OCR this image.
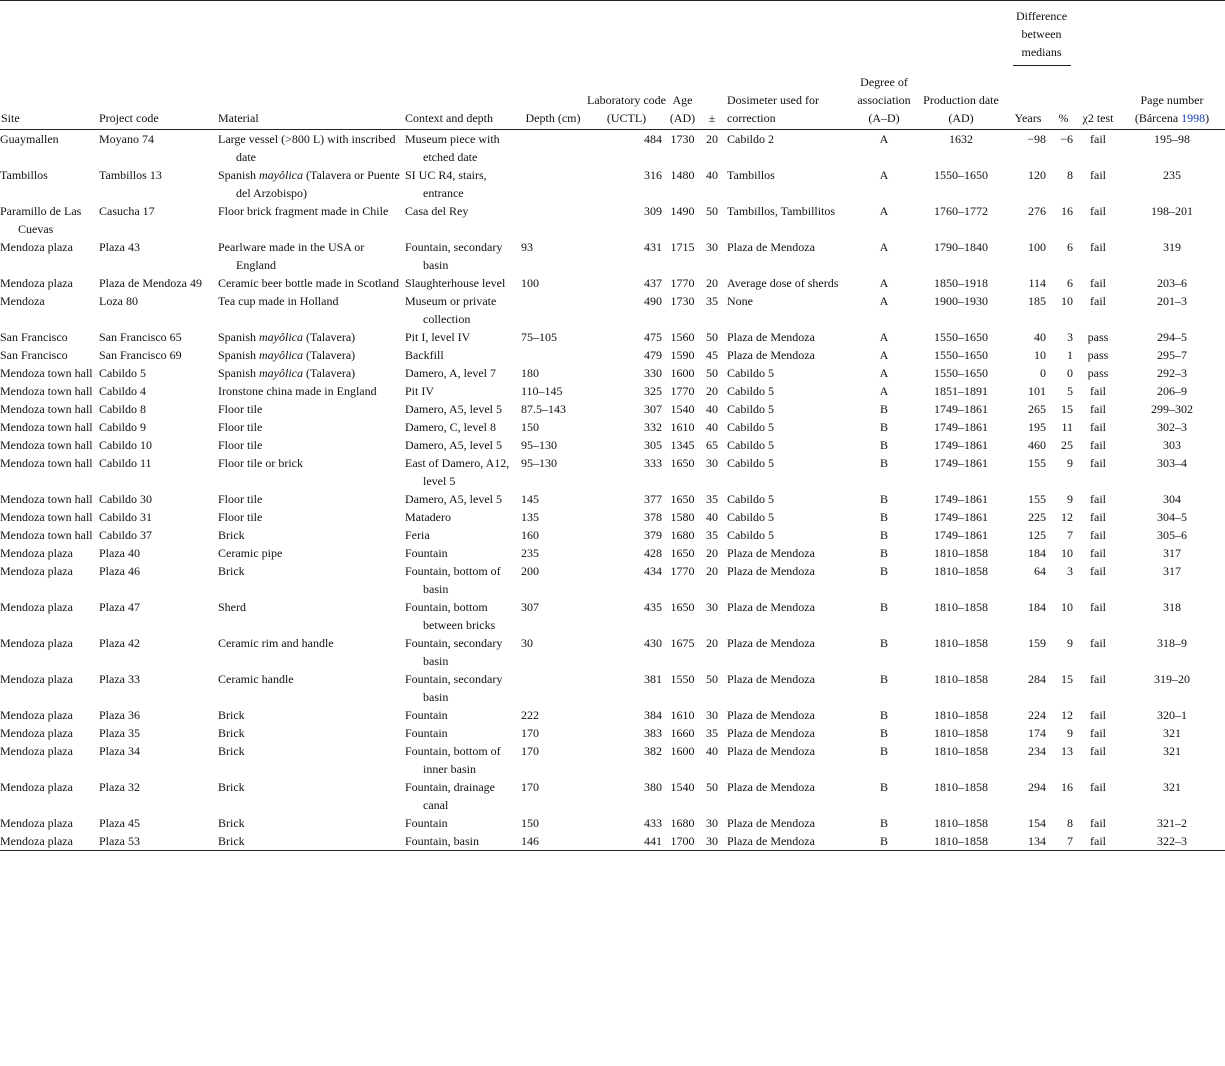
											Difference between medians			
Site	Project code	Material	Context and depth	Depth (cm)	Laboratory code (UCTL)	Age (AD)	±	Dosimeter used for correction	Degree of association (A–D)	Production date (AD)	Years	%	χ2 test	Page number (Bárcena 1998)
Guaymallen	Moyano 74	Large vessel (>800 L) with inscribed date	Museum piece with etched date		484	1730	20	Cabildo 2	A	1632	−98	−6	fail	195–98
Tambillos	Tambillos 13	Spanish mayôlica (Talavera or Puente del Arzobispo)	SI UC R4, stairs, entrance		316	1480	40	Tambillos	A	1550–1650	120	8	fail	235
Paramillo de Las Cuevas	Casucha 17	Floor brick fragment made in Chile	Casa del Rey		309	1490	50	Tambillos, Tambillitos	A	1760–1772	276	16	fail	198–201
Mendoza plaza	Plaza 43	Pearlware made in the USA or England	Fountain, secondary basin	93	431	1715	30	Plaza de Mendoza	A	1790–1840	100	6	fail	319
Mendoza plaza	Plaza de Mendoza 49	Ceramic beer bottle made in Scotland	Slaughterhouse level	100	437	1770	20	Average dose of sherds	A	1850–1918	114	6	fail	203–6
Mendoza	Loza 80	Tea cup made in Holland	Museum or private collection		490	1730	35	None	A	1900–1930	185	10	fail	201–3
San Francisco	San Francisco 65	Spanish mayôlica (Talavera)	Pit I, level IV	75–105	475	1560	50	Plaza de Mendoza	A	1550–1650	40	3	pass	294–5
San Francisco	San Francisco 69	Spanish mayôlica (Talavera)	Backfill		479	1590	45	Plaza de Mendoza	A	1550–1650	10	1	pass	295–7
Mendoza town hall	Cabildo 5	Spanish mayôlica (Talavera)	Damero, A, level 7	180	330	1600	50	Cabildo 5	A	1550–1650	0	0	pass	292–3
Mendoza town hall	Cabildo 4	Ironstone china made in England	Pit IV	110–145	325	1770	20	Cabildo 5	A	1851–1891	101	5	fail	206–9
Mendoza town hall	Cabildo 8	Floor tile	Damero, A5, level 5	87.5–143	307	1540	40	Cabildo 5	B	1749–1861	265	15	fail	299–302
Mendoza town hall	Cabildo 9	Floor tile	Damero, C, level 8	150	332	1610	40	Cabildo 5	B	1749–1861	195	11	fail	302–3
Mendoza town hall	Cabildo 10	Floor tile	Damero, A5, level 5	95–130	305	1345	65	Cabildo 5	B	1749–1861	460	25	fail	303
Mendoza town hall	Cabildo 11	Floor tile or brick	East of Damero, A12, level 5	95–130	333	1650	30	Cabildo 5	B	1749–1861	155	9	fail	303–4
Mendoza town hall	Cabildo 30	Floor tile	Damero, A5, level 5	145	377	1650	35	Cabildo 5	B	1749–1861	155	9	fail	304
Mendoza town hall	Cabildo 31	Floor tile	Matadero	135	378	1580	40	Cabildo 5	B	1749–1861	225	12	fail	304–5
Mendoza town hall	Cabildo 37	Brick	Feria	160	379	1680	35	Cabildo 5	B	1749–1861	125	7	fail	305–6
Mendoza plaza	Plaza 40	Ceramic pipe	Fountain	235	428	1650	20	Plaza de Mendoza	B	1810–1858	184	10	fail	317
Mendoza plaza	Plaza 46	Brick	Fountain, bottom of basin	200	434	1770	20	Plaza de Mendoza	B	1810–1858	64	3	fail	317
Mendoza plaza	Plaza 47	Sherd	Fountain, bottom between bricks	307	435	1650	30	Plaza de Mendoza	B	1810–1858	184	10	fail	318
Mendoza plaza	Plaza 42	Ceramic rim and handle	Fountain, secondary basin	30	430	1675	20	Plaza de Mendoza	B	1810–1858	159	9	fail	318–9
Mendoza plaza	Plaza 33	Ceramic handle	Fountain, secondary basin		381	1550	50	Plaza de Mendoza	B	1810–1858	284	15	fail	319–20
Mendoza plaza	Plaza 36	Brick	Fountain	222	384	1610	30	Plaza de Mendoza	B	1810–1858	224	12	fail	320–1
Mendoza plaza	Plaza 35	Brick	Fountain	170	383	1660	35	Plaza de Mendoza	B	1810–1858	174	9	fail	321
Mendoza plaza	Plaza 34	Brick	Fountain, bottom of inner basin	170	382	1600	40	Plaza de Mendoza	B	1810–1858	234	13	fail	321
Mendoza plaza	Plaza 32	Brick	Fountain, drainage canal	170	380	1540	50	Plaza de Mendoza	B	1810–1858	294	16	fail	321
Mendoza plaza	Plaza 45	Brick	Fountain	150	433	1680	30	Plaza de Mendoza	B	1810–1858	154	8	fail	321–2
Mendoza plaza	Plaza 53	Brick	Fountain, basin	146	441	1700	30	Plaza de Mendoza	B	1810–1858	134	7	fail	322–3
